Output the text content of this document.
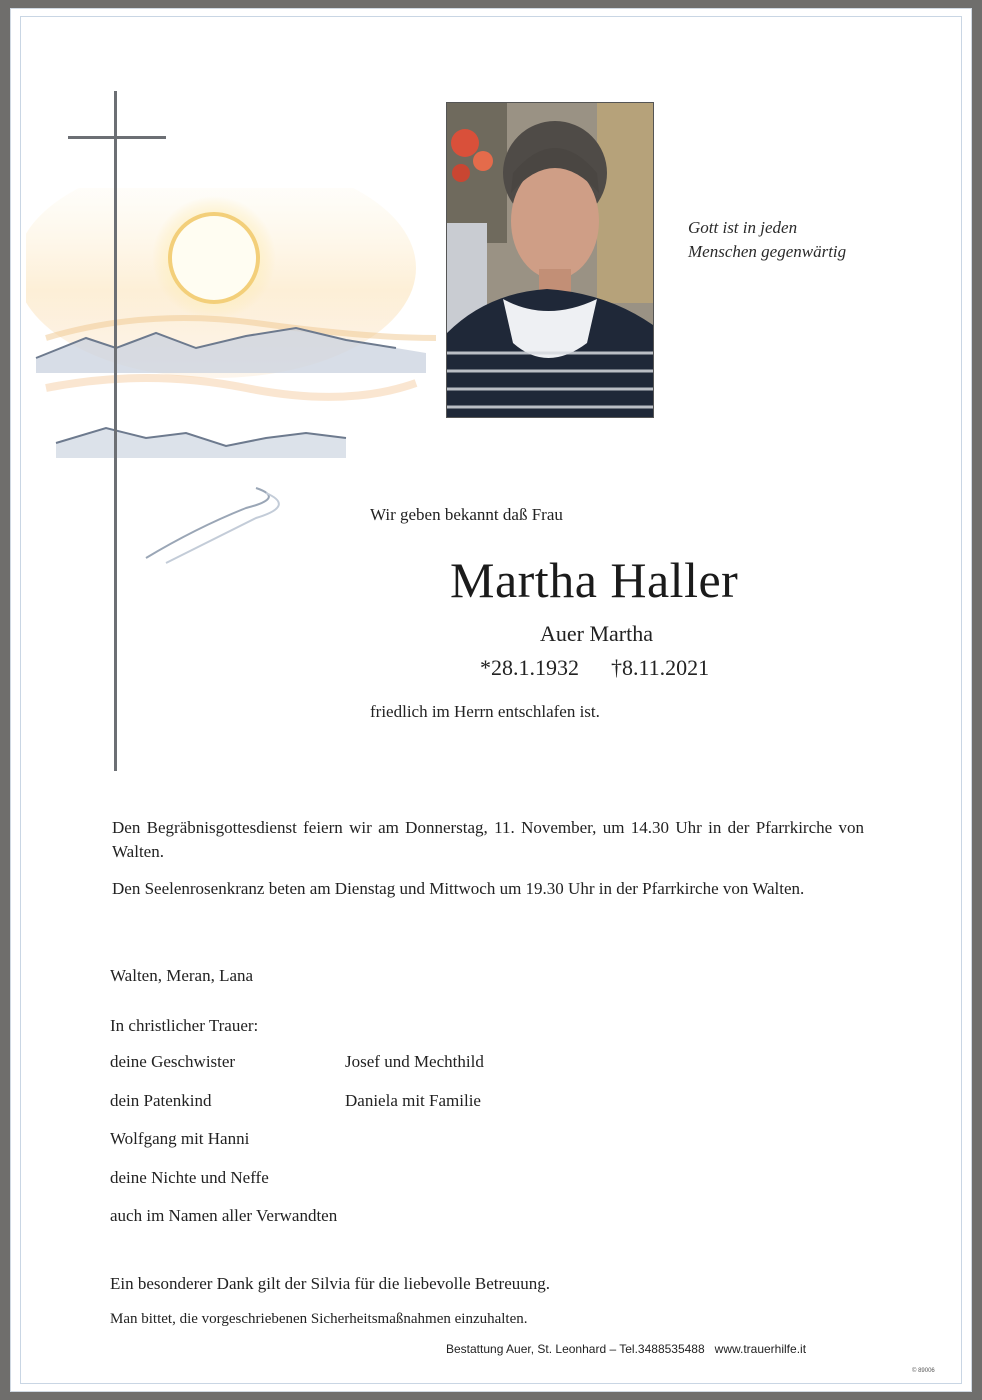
Gott ist in jeden
Menschen gegenwärtig
Wir geben bekannt daß Frau
Martha Haller
Auer Martha
*28.1.1932 †8.11.2021
friedlich im Herrn entschlafen ist.
Den Begräbnisgottesdienst feiern wir am Donnerstag, 11. November, um 14.30 Uhr in der Pfarrkirche von Walten.
Den Seelenrosenkranz beten am Dienstag und Mittwoch um 19.30 Uhr in der Pfarrkirche von Walten.
Walten, Meran, Lana
In christlicher Trauer:
deine Geschwister	Josef und Mechthild
dein Patenkind	Daniela mit Familie
Wolfgang mit Hanni
deine Nichte und Neffe
auch im Namen aller Verwandten
Ein besonderer Dank gilt der Silvia für die liebevolle Betreuung.
Man bittet, die vorgeschriebenen Sicherheitsmaßnahmen einzuhalten.
Bestattung Auer, St. Leonhard – Tel.3488535488 www.trauerhilfe.it
© 89006
